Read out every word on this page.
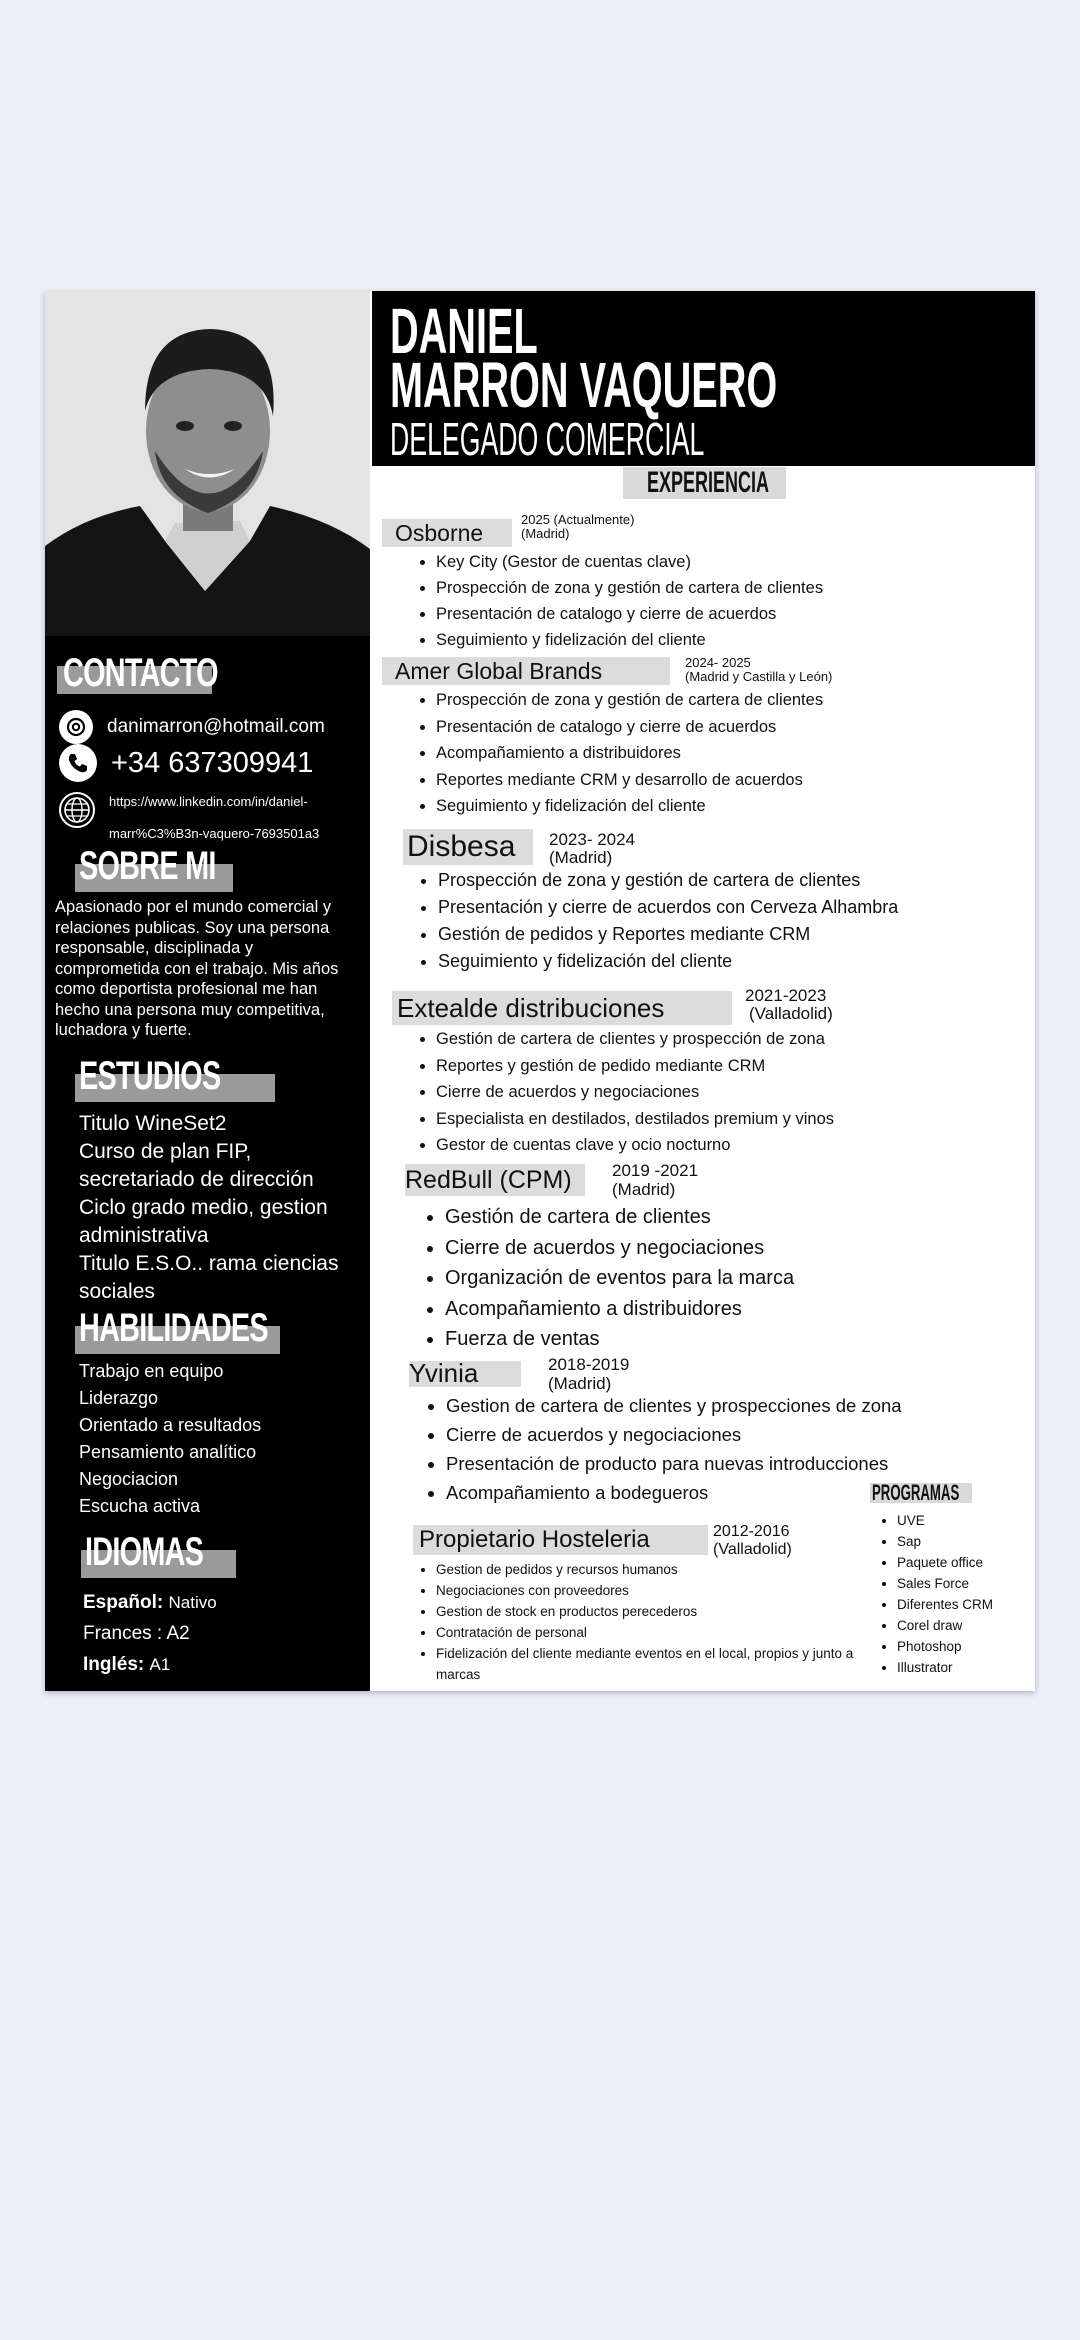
CONTACTO
danimarron@hotmail.com
+34 637309941
https://www.linkedin.com/in/daniel-
marr%C3%B3n-vaquero-7693501a3
SOBRE MI
Apasionado por el mundo comercial y relaciones publicas. Soy una persona responsable, disciplinada y comprometida con el trabajo. Mis años como deportista profesional me han hecho una persona muy competitiva, luchadora y fuerte.
ESTUDIOS
Titulo WineSet2
Curso de plan FIP, secretariado de dirección
Ciclo grado medio, gestion administrativa
Titulo E.S.O.. rama ciencias sociales
HABILIDADES
Trabajo en equipo
Liderazgo
Orientado a resultados
Pensamiento analítico
Negociacion
Escucha activa
IDIOMAS
Español: Nativo
Frances : A2
Inglés: A1
DANIEL
MARRON VAQUERO
DELEGADO COMERCIAL
EXPERIENCIA
Osborne
2025 (Actualmente)
(Madrid)
• Key City (Gestor de cuentas clave)
• Prospección de zona y gestión de cartera de clientes
• Presentación de catalogo y cierre de acuerdos
• Seguimiento y fidelización del cliente
Amer Global Brands	2024- 2025
(Madrid y Castilla y León)
• Prospección de zona y gestión de cartera de clientes
• Presentación de catalogo y cierre de acuerdos
• Acompañamiento a distribuidores
• Reportes mediante CRM y desarrollo de acuerdos
• Seguimiento y fidelización del cliente
Disbesa 2023- 2024
(Madrid)
• Prospección de zona y gestión de cartera de clientes
• Presentación y cierre de acuerdos con Cerveza Alhambra
• Gestión de pedidos y Reportes mediante CRM
• Seguimiento y fidelización del cliente
Extealde distribuciones	2021-2023
(Valladolid)
• Gestión de cartera de clientes y prospección de zona
• Reportes y gestión de pedido mediante CRM
• Cierre de acuerdos y negociaciones
• Especialista en destilados, destilados premium y vinos
• Gestor de cuentas clave y ocio nocturno
RedBull (CPM) 2019 -2021
(Madrid)
• Gestión de cartera de clientes
• Cierre de acuerdos y negociaciones
• Organización de eventos para la marca
• Acompañamiento a distribuidores
• Fuerza de ventas
Yvinia	2018-2019
(Madrid)
• Gestion de cartera de clientes y prospecciones de zona
• Cierre de acuerdos y negociaciones
• Presentación de producto para nuevas introducciones
• Acompañamiento a bodegueros	PROGRAMAS
• UVE
• Sap
• Paquete office
• Sales Force
• Diferentes CRM
• Corel draw
• Photoshop
• Illustrator
Propietario Hosteleria	2012-2016
(Valladolid)
• Gestion de pedidos y recursos humanos
• Negociaciones con proveedores
• Gestion de stock en productos perecederos
• Contratación de personal
• Fidelización del cliente mediante eventos en el local, propios y junto a marcas
